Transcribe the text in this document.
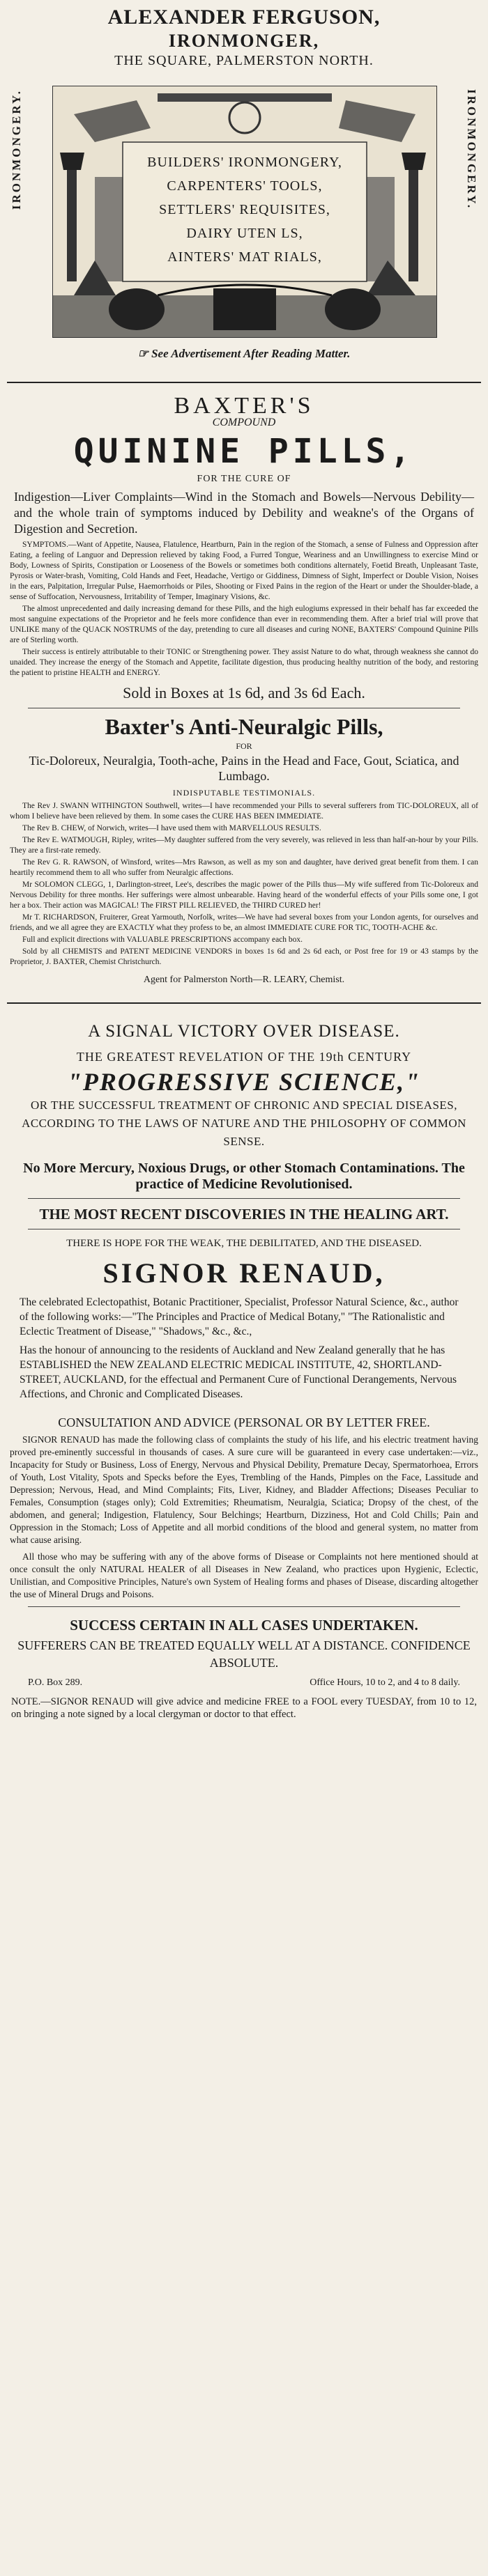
ALEXANDER FERGUSON,
IRONMONGER,
THE SQUARE, PALMERSTON NORTH.
IRONMONGERY.	IRONMONGERY.
BUILDERS' IRONMONGERY,
CARPENTERS' TOOLS,
SETTLERS' REQUISITES,
DAIRY UTEN LS,
AINTERS' MAT RIALS,
☞ See Advertisement After Reading Matter.
BAXTER'S
COMPOUND
QUININE PILLS,
FOR THE CURE OF

Indigestion—Liver Complaints—Wind in the Stomach and Bowels—Nervous Debility—and the whole train of symptoms induced by Debility and weakne's of the Organs of Digestion and Secretion.

SYMPTOMS.—Want of Appetite, Nausea, Flatulence, Heartburn, Pain in the region of the Stomach, a sense of Fulness and Oppression after Eating, a feeling of Languor and Depression relieved by taking Food, a Furred Tongue, Weariness and an Unwillingness to exercise Mind or Body, Lowness of Spirits, Constipation or Looseness of the Bowels or sometimes both conditions alternately, Foetid Breath, Unpleasant Taste, Pyrosis or Water-brash, Vomiting, Cold Hands and Feet, Headache, Vertigo or Giddiness, Dimness of Sight, Imperfect or Double Vision, Noises in the ears, Palpitation, Irregular Pulse, Haemorrhoids or Piles, Shooting or Fixed Pains in the region of the Heart or under the Shoulder-blade, a sense of Suffocation, Nervousness, Irritability of Temper, Imaginary Visions, &c.

The almost unprecedented and daily increasing demand for these Pills, and the high eulogiums expressed in their behalf has far exceeded the most sanguine expectations of the Proprietor and he feels more confidence than ever in recommending them. After a brief trial will prove that UNLIKE many of the QUACK NOSTRUMS of the day, pretending to cure all diseases and curing NONE, BAXTERS' Compound Quinine Pills are of Sterling worth.

Their success is entirely attributable to their TONIC or Strengthening power. They assist Nature to do what, through weakness she cannot do unaided. They increase the energy of the Stomach and Appetite, facilitate digestion, thus producing healthy nutrition of the body, and restoring the patient to pristine HEALTH and ENERGY.

Sold in Boxes at 1s 6d, and 3s 6d Each.
Baxter's Anti-Neuralgic Pills,
FOR
Tic-Doloreux, Neuralgia, Tooth-ache, Pains in the Head and Face, Gout, Sciatica, and Lumbago.
INDISPUTABLE TESTIMONIALS.

The Rev J. SWANN WITHINGTON Southwell, writes—I have recommended your Pills to several sufferers from TIC-DOLOREUX, all of whom I believe have been relieved by them. In some cases the CURE HAS BEEN IMMEDIATE.

The Rev B. CHEW, of Norwich, writes—I have used them with MARVELLOUS RESULTS.

The Rev E. WATMOUGH, Ripley, writes—My daughter suffered from the very severely, was relieved in less than half-an-hour by your Pills. They are a first-rate remedy.

The Rev G. R. RAWSON, of Winsford, writes—Mrs Rawson, as well as my son and daughter, have derived great benefit from them. I can heartily recommend them to all who suffer from Neuralgic affections.

Mr SOLOMON CLEGG, 1, Darlington-street, Lee's, describes the magic power of the Pills thus—My wife suffered from Tic-Doloreux and Nervous Debility for three months. Her sufferings were almost unbearable. Having heard of the wonderful effects of your Pills some one, I got her a box. Their action was MAGICAL! The FIRST PILL RELIEVED, the THIRD CURED her!

Mr T. RICHARDSON, Fruiterer, Great Yarmouth, Norfolk, writes—We have had several boxes from your London agents, for ourselves and friends, and we all agree they are EXACTLY what they profess to be, an almost IMMEDIATE CURE FOR TIC, TOOTH-ACHE &c.

Full and explicit directions with VALUABLE PRESCRIPTIONS accompany each box.

Sold by all CHEMISTS and PATENT MEDICINE VENDORS in boxes 1s 6d and 2s 6d each, or Post free for 19 or 43 stamps by the Proprietor, J. BAXTER, Chemist Christchurch.

Agent for Palmerston North—R. LEARY, Chemist.
A SIGNAL VICTORY OVER DISEASE.
THE GREATEST REVELATION OF THE 19th CENTURY
"PROGRESSIVE SCIENCE,"
OR THE SUCCESSFUL TREATMENT OF CHRONIC AND SPECIAL DISEASES, ACCORDING TO THE LAWS OF NATURE AND THE PHILOSOPHY OF COMMON SENSE.
No More Mercury, Noxious Drugs, or other Stomach Contaminations. The practice of Medicine Revolutionised.
THE MOST RECENT DISCOVERIES IN THE HEALING ART.
THERE IS HOPE FOR THE WEAK, THE DEBILITATED, AND THE DISEASED.
SIGNOR RENAUD,

The celebrated Eclectopathist, Botanic Practitioner, Specialist, Professor Natural Science, &c., author of the following works:—"The Principles and Practice of Medical Botany," "The Rationalistic and Eclectic Treatment of Disease," "Shadows," &c., &c.,

Has the honour of announcing to the residents of Auckland and New Zealand generally that he has ESTABLISHED the NEW ZEALAND ELECTRIC MEDICAL INSTITUTE, 42, SHORTLAND-STREET, AUCKLAND, for the effectual and Permanent Cure of Functional Derangements, Nervous Affections, and Chronic and Complicated Diseases.

CONSULTATION AND ADVICE (PERSONAL OR BY LETTER FREE.

SIGNOR RENAUD has made the following class of complaints the study of his life, and his electric treatment having proved pre-eminently successful in thousands of cases. A sure cure will be guaranteed in every case undertaken:—viz., Incapacity for Study or Business, Loss of Energy, Nervous and Physical Debility, Premature Decay, Spermatorhoea, Errors of Youth, Lost Vitality, Spots and Specks before the Eyes, Trembling of the Hands, Pimples on the Face, Lassitude and Depression; Nervous, Head, and Mind Complaints; Fits, Liver, Kidney, and Bladder Affections; Diseases Peculiar to Females, Consumption (stages only); Cold Extremities; Rheumatism, Neuralgia, Sciatica; Dropsy of the chest, of the abdomen, and general; Indigestion, Flatulency, Sour Belchings; Heartburn, Dizziness, Hot and Cold Chills; Pain and Oppression in the Stomach; Loss of Appetite and all morbid conditions of the blood and general system, no matter from what cause arising.

All those who may be suffering with any of the above forms of Disease or Complaints not here mentioned should at once consult the only NATURAL HEALER of all Diseases in New Zealand, who practices upon Hygienic, Eclectic, Unilistian, and Compositive Principles, Nature's own System of Healing forms and phases of Disease, discarding altogether the use of Mineral Drugs and Poisons.

SUCCESS CERTAIN IN ALL CASES UNDERTAKEN.
SUFFERERS CAN BE TREATED EQUALLY WELL AT A DISTANCE. CONFIDENCE ABSOLUTE.
P.O. Box 289.	Office Hours, 10 to 2, and 4 to 8 daily.

NOTE.—SIGNOR RENAUD will give advice and medicine FREE to a FOOL every TUESDAY, from 10 to 12, on bringing a note signed by a local clergyman or doctor to that effect.
